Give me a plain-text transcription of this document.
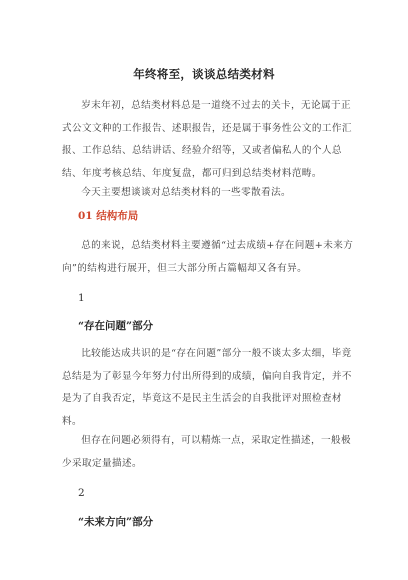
年终将至，谈谈总结类材料

岁末年初，总结类材料总是一道绕不过去的关卡，无论属于正式公文文种的工作报告、述职报告，还是属于事务性公文的工作汇报、工作总结、总结讲话、经验介绍等，又或者偏私人的个人总结、年度考核总结、年度复盘，都可归到总结类材料范畴。

今天主要想谈谈对总结类材料的一些零散看法。

01 结构布局

总的来说，总结类材料主要遵循“过去成绩+存在问题+未来方向”的结构进行展开，但三大部分所占篇幅却又各有异。

1

“存在问题”部分

比较能达成共识的是“存在问题”部分一般不谈太多太细，毕竟总结是为了彰显今年努力付出所得到的成绩，偏向自我肯定，并不是为了自我否定，毕竟这不是民主生活会的自我批评对照检查材料。

但存在问题必须得有，可以精炼一点，采取定性描述，一般极少采取定量描述。

2

“未来方向”部分
